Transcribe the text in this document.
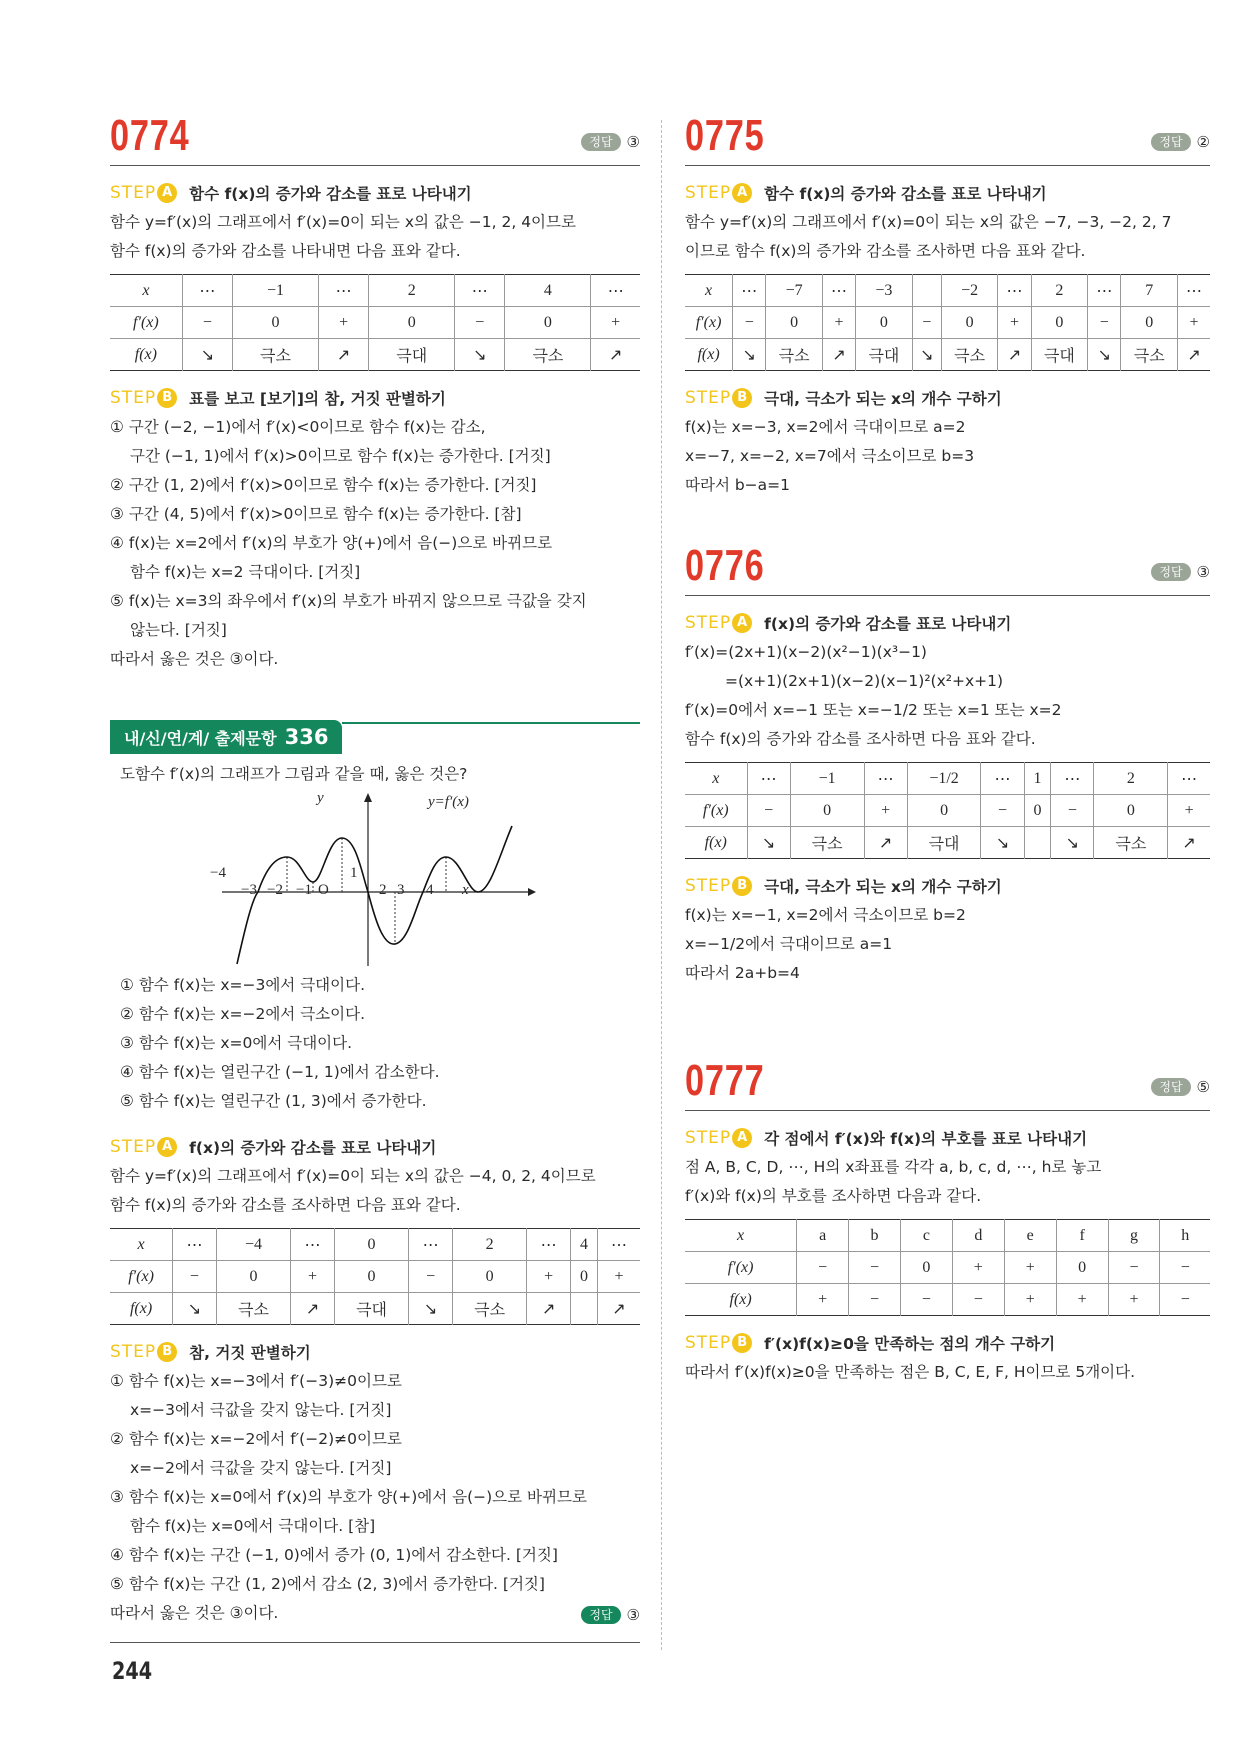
0774	정답 ③
STEP A	함수 f(x)의 증가와 감소를 표로 나타내기
함수 y=f′(x)의 그래프에서 f′(x)=0이 되는 x의 값은 −1, 2, 4이므로
함수 f(x)의 증가와 감소를 나타내면 다음 표와 같다.
x	⋯	−1	⋯	2	⋯	4	⋯
f′(x)	−	0	+	0	−	0	+
f(x)	↘	극소	↗	극대	↘	극소	↗
STEP B	표를 보고 [보기]의 참, 거짓 판별하기
① 구간 (−2, −1)에서 f′(x)<0이므로 함수 f(x)는 감소,
구간 (−1, 1)에서 f′(x)>0이므로 함수 f(x)는 증가한다. [거짓]
② 구간 (1, 2)에서 f′(x)>0이므로 함수 f(x)는 증가한다. [거짓]
③ 구간 (4, 5)에서 f′(x)>0이므로 함수 f(x)는 증가한다. [참]
④ f(x)는 x=2에서 f′(x)의 부호가 양(+)에서 음(−)으로 바뀌므로
함수 f(x)는 x=2 극대이다. [거짓]
⑤ f(x)는 x=3의 좌우에서 f′(x)의 부호가 바뀌지 않으므로 극값을 갖지
않는다. [거짓]
따라서 옳은 것은 ③이다.
내/신/연/계/ 출제문항 336
도함수 f′(x)의 그래프가 그림과 같을 때, 옳은 것은?
y	y=f′(x)
−4
−3 −2 −1 O
1
2 3 4 x
① 함수 f(x)는 x=−3에서 극대이다.
② 함수 f(x)는 x=−2에서 극소이다.
③ 함수 f(x)는 x=0에서 극대이다.
④ 함수 f(x)는 열린구간 (−1, 1)에서 감소한다.
⑤ 함수 f(x)는 열린구간 (1, 3)에서 증가한다.
STEP A	f(x)의 증가와 감소를 표로 나타내기
함수 y=f′(x)의 그래프에서 f′(x)=0이 되는 x의 값은 −4, 0, 2, 4이므로
함수 f(x)의 증가와 감소를 조사하면 다음 표와 같다.
x	⋯	−4	⋯	0	⋯	2	⋯	4	⋯
f′(x)	−	0	+	0	−	0	+	0	+
f(x)	↘	극소	↗	극대	↘	극소	↗		↗
STEP B	참, 거짓 판별하기
① 함수 f(x)는 x=−3에서 f′(−3)≠0이므로
x=−3에서 극값을 갖지 않는다. [거짓]
② 함수 f(x)는 x=−2에서 f′(−2)≠0이므로
x=−2에서 극값을 갖지 않는다. [거짓]
③ 함수 f(x)는 x=0에서 f′(x)의 부호가 양(+)에서 음(−)으로 바뀌므로
함수 f(x)는 x=0에서 극대이다. [참]
④ 함수 f(x)는 구간 (−1, 0)에서 증가 (0, 1)에서 감소한다. [거짓]
⑤ 함수 f(x)는 구간 (1, 2)에서 감소 (2, 3)에서 증가한다. [거짓]
따라서 옳은 것은 ③이다.	정답 ③
244
0775	정답 ②
STEP A	함수 f(x)의 증가와 감소를 표로 나타내기
함수 y=f′(x)의 그래프에서 f′(x)=0이 되는 x의 값은 −7, −3, −2, 2, 7
이므로 함수 f(x)의 증가와 감소를 조사하면 다음 표와 같다.
x	⋯	−7	⋯	−3		−2	⋯	2	⋯	7	⋯
f′(x)	−	0	+	0	−	0	+	0	−	0	+
f(x)	↘	극소	↗	극대	↘	극소	↗	극대	↘	극소	↗
STEP B	극대, 극소가 되는 x의 개수 구하기
f(x)는 x=−3, x=2에서 극대이므로 a=2
x=−7, x=−2, x=7에서 극소이므로 b=3
따라서 b−a=1
0776	정답 ③
STEP A	f(x)의 증가와 감소를 표로 나타내기
f′(x)=(2x+1)(x−2)(x²−1)(x³−1)
=(x+1)(2x+1)(x−2)(x−1)²(x²+x+1)
f′(x)=0에서 x=−1 또는 x=−1/2 또는 x=1 또는 x=2
함수 f(x)의 증가와 감소를 조사하면 다음 표와 같다.
x	⋯	−1	⋯	−1/2	⋯	1	⋯	2	⋯
f′(x)	−	0	+	0	−	0	−	0	+
f(x)	↘	극소	↗	극대	↘		↘	극소	↗
STEP B	극대, 극소가 되는 x의 개수 구하기
f(x)는 x=−1, x=2에서 극소이므로 b=2
x=−1/2에서 극대이므로 a=1
따라서 2a+b=4
0777	정답 ⑤
STEP A	각 점에서 f′(x)와 f(x)의 부호를 표로 나타내기
점 A, B, C, D, ⋯, H의 x좌표를 각각 a, b, c, d, ⋯, h로 놓고
f′(x)와 f(x)의 부호를 조사하면 다음과 같다.
x	a	b	c	d	e	f	g	h
f′(x)	−	−	0	+	+	0	−	−
f(x)	+	−	−	−	+	+	+	−
STEP B	f′(x)f(x)≥0을 만족하는 점의 개수 구하기
따라서 f′(x)f(x)≥0을 만족하는 점은 B, C, E, F, H이므로 5개이다.
